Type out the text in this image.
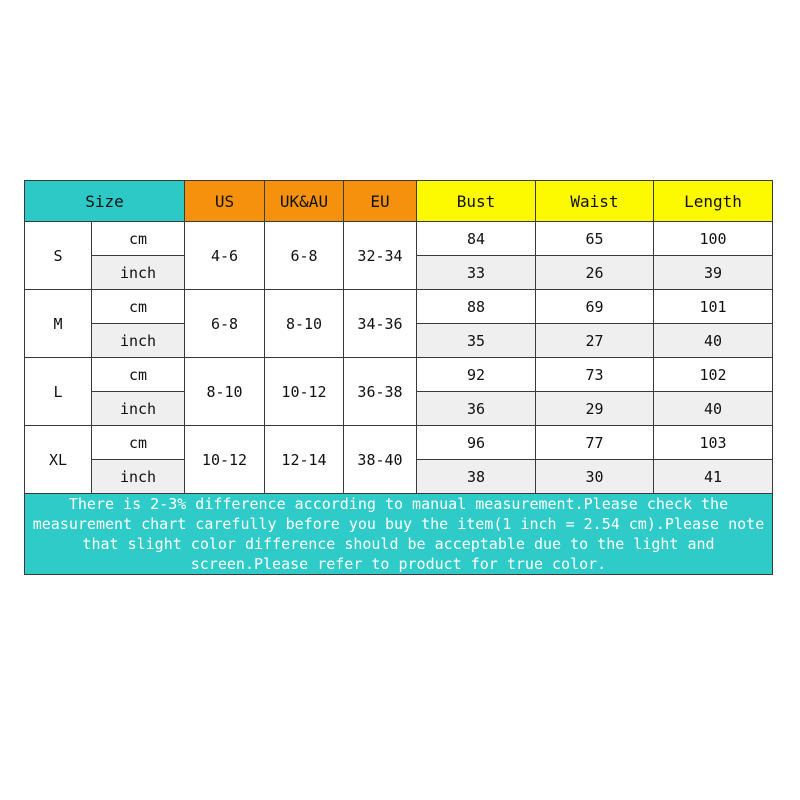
Size		US	UK&AU	EU	Bust	Waist	Length
S	cm	4-6	6-8	32-34	84	65	100
	inch				33	26	39
M	cm	6-8	8-10	34-36	88	69	101
	inch				35	27	40
L	cm	8-10	10-12	36-38	92	73	102
	inch				36	29	40
XL	cm	10-12	12-14	38-40	96	77	103
	inch				38	30	41

There is 2-3% difference according to manual measurement.Please check the
measurement chart carefully before you buy the item(1 inch = 2.54 cm).Please note
that slight color difference should be acceptable due to the light and
screen.Please refer to product for true color.							
